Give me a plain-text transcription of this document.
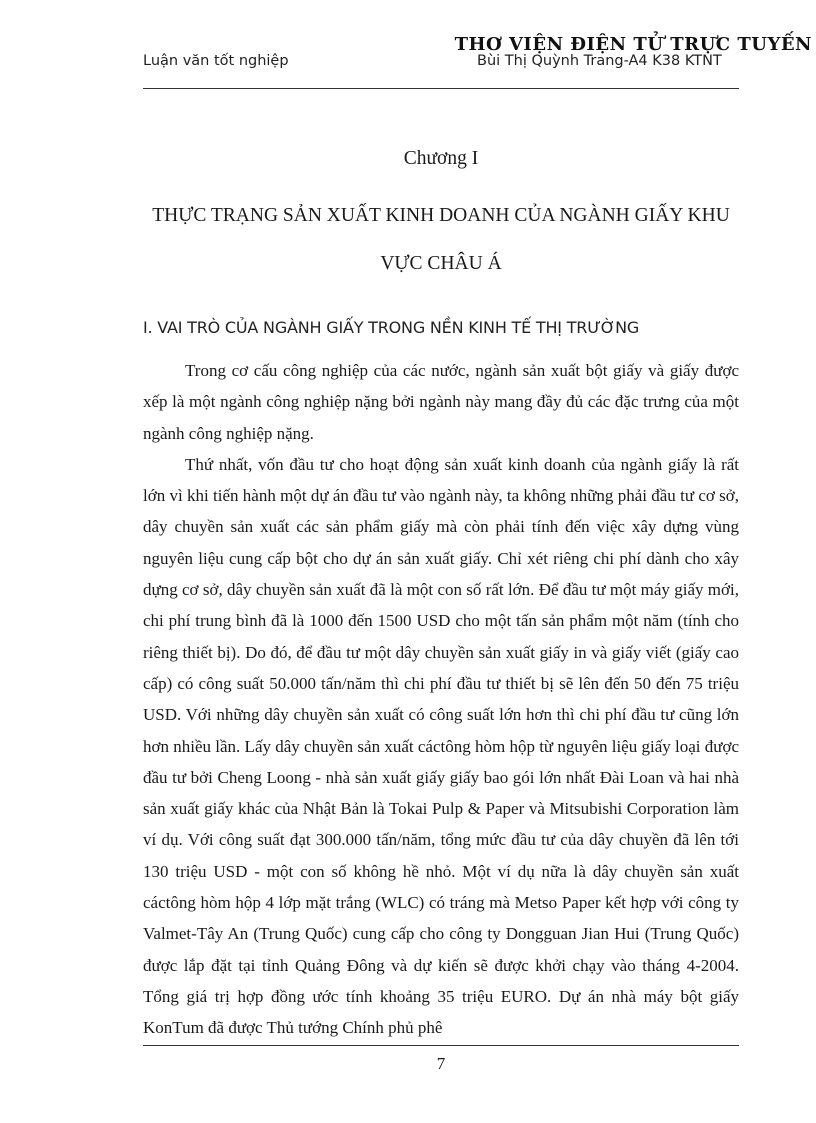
THƠ VIỆN ĐIỆN TỬ TRỰC TUYẾN
Luận văn tốt nghiệp	Bùi Thị Quỳnh Trang-A4 K38 KTNT
Chương I
THỰC TRẠNG SẢN XUẤT KINH DOANH CỦA NGÀNH GIẤY KHU VỰC CHÂU Á
I. VAI TRÒ CỦA NGÀNH GIẤY TRONG NỀN KINH TẾ THỊ TRƯỜNG

Trong cơ cấu công nghiệp của các nước, ngành sản xuất bột giấy và giấy được xếp là một ngành công nghiệp nặng bởi ngành này mang đầy đủ các đặc trưng của một ngành công nghiệp nặng.

Thứ nhất, vốn đầu tư cho hoạt động sản xuất kinh doanh của ngành giấy là rất lớn vì khi tiến hành một dự án đầu tư vào ngành này, ta không những phải đầu tư cơ sở, dây chuyền sản xuất các sản phẩm giấy mà còn phải tính đến việc xây dựng vùng nguyên liệu cung cấp bột cho dự án sản xuất giấy. Chỉ xét riêng chi phí dành cho xây dựng cơ sở, dây chuyền sản xuất đã là một con số rất lớn. Để đầu tư một máy giấy mới, chi phí trung bình đã là 1000 đến 1500 USD cho một tấn sản phẩm một năm (tính cho riêng thiết bị). Do đó, để đầu tư một dây chuyền sản xuất giấy in và giấy viết (giấy cao cấp) có công suất 50.000 tấn/năm thì chi phí đầu tư thiết bị sẽ lên đến 50 đến 75 triệu USD. Với những dây chuyền sản xuất có công suất lớn hơn thì chi phí đầu tư cũng lớn hơn nhiều lần. Lấy dây chuyền sản xuất cáctông hòm hộp từ nguyên liệu giấy loại được đầu tư bởi Cheng Loong - nhà sản xuất giấy giấy bao gói lớn nhất Đài Loan và hai nhà sản xuất giấy khác của Nhật Bản là Tokai Pulp & Paper và Mitsubishi Corporation làm ví dụ. Với công suất đạt 300.000 tấn/năm, tổng mức đầu tư của dây chuyền đã lên tới 130 triệu USD - một con số không hề nhỏ. Một ví dụ nữa là dây chuyền sản xuất cáctông hòm hộp 4 lớp mặt trắng (WLC) có tráng mà Metso Paper kết hợp với công ty Valmet-Tây An (Trung Quốc) cung cấp cho công ty Dongguan Jian Hui (Trung Quốc) được lắp đặt tại tỉnh Quảng Đông và dự kiến sẽ được khởi chạy vào tháng 4-2004. Tổng giá trị hợp đồng ước tính khoảng 35 triệu EURO. Dự án nhà máy bột giấy KonTum đã được Thủ tướng Chính phủ phê

7
